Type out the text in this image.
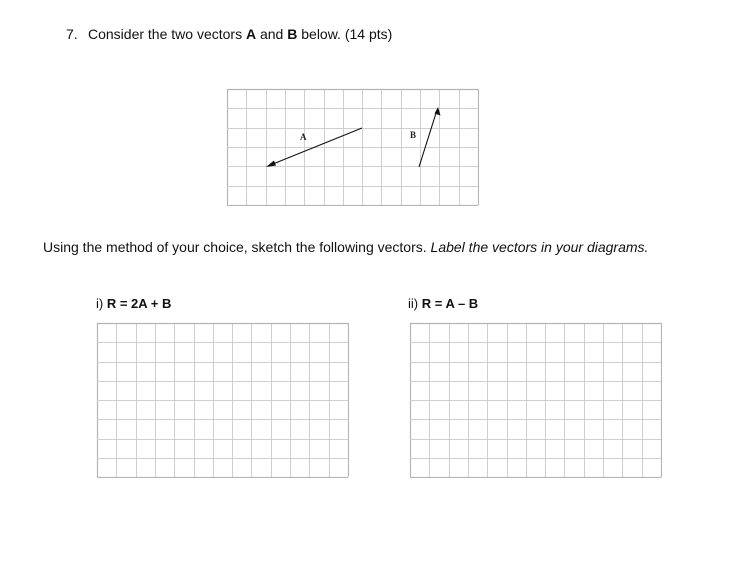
7. Consider the two vectors A and B below. (14 pts)
A	B
Using the method of your choice, sketch the following vectors. Label the vectors in your diagrams.
i) R = 2A + B	ii) R = A – B
